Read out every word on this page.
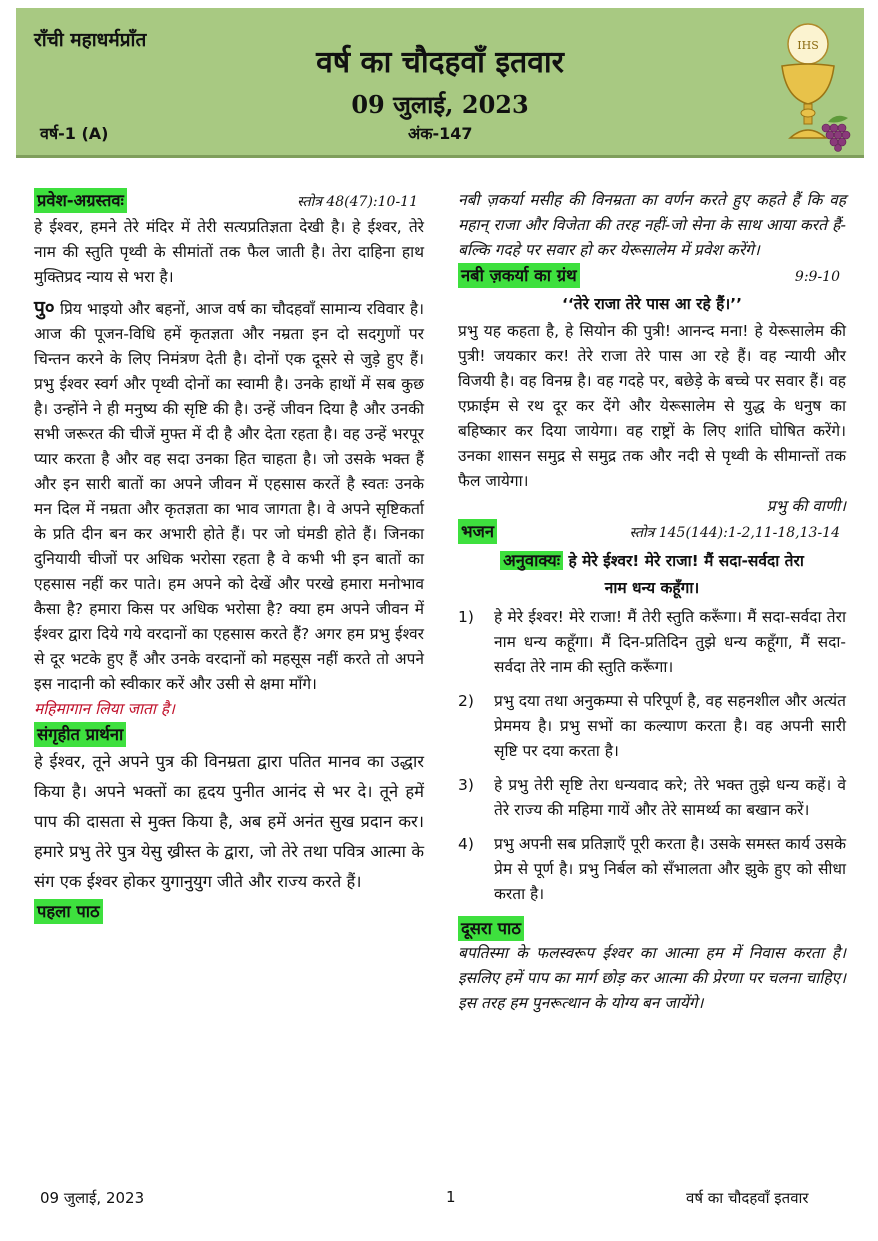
राँची महाधर्मप्राँत
वर्ष का चौदहवाँ इतवार
09 जुलाई, 2023
वर्ष-1 (A)	अंक-147
IHS
प्रवेश-अग्रस्तवः	स्तोत्र 48(47):10-11

हे ईश्वर, हमने तेरे मंदिर में तेरी सत्यप्रतिज्ञता देखी है। हे ईश्वर, तेरे नाम की स्तुति पृथ्वी के सीमांतों तक फैल जाती है। तेरा दाहिना हाथ मुक्तिप्रद न्याय से भरा है।

पु० प्रिय भाइयो और बहनों, आज वर्ष का चौदहवाँ सामान्य रविवार है। आज की पूजन-विधि हमें कृतज्ञता और नम्रता इन दो सदगुणों पर चिन्तन करने के लिए निमंत्रण देती है। दोनों एक दूसरे से जुड़े हुए हैं। प्रभु ईश्वर स्वर्ग और पृथ्वी दोनों का स्वामी है। उनके हाथों में सब कुछ है। उन्होंने ने ही मनुष्य की सृष्टि की है। उन्हें जीवन दिया है और उनकी सभी जरूरत की चीजें मुफ्त में दी है और देता रहता है। वह उन्हें भरपूर प्यार करता है और वह सदा उनका हित चाहता है। जो उसके भक्त हैं और इन सारी बातों का अपने जीवन में एहसास करतें है स्वतः उनके मन दिल में नम्रता और कृतज्ञता का भाव जागता है। वे अपने सृष्टिकर्ता के प्रति दीन बन कर अभारी होते हैं। पर जो घंमडी होते हैं। जिनका दुनियायी चीजों पर अधिक भरोसा रहता है वे कभी भी इन बातों का एहसास नहीं कर पाते। हम अपने को देखें और परखे हमारा मनोभाव कैसा है? हमारा किस पर अधिक भरोसा है? क्या हम अपने जीवन में ईश्वर द्वारा दिये गये वरदानों का एहसास करते हैं? अगर हम प्रभु ईश्वर से दूर भटके हुए हैं और उनके वरदानों को महसूस नहीं करते तो अपने इस नादानी को स्वीकार करें और उसी से क्षमा माँगे।

महिमागान लिया जाता है।

संगृहीत प्रार्थना

हे ईश्वर, तूने अपने पुत्र की विनम्रता द्वारा पतित मानव का उद्धार किया है। अपने भक्तों का हृदय पुनीत आनंद से भर दे। तूने हमें पाप की दासता से मुक्त किया है, अब हमें अनंत सुख प्रदान कर। हमारे प्रभु तेरे पुत्र येसु ख्रीस्त के द्वारा, जो तेरे तथा पवित्र आत्मा के संग एक ईश्वर होकर युगानुयुग जीते और राज्य करते हैं।

पहला पाठ

नबी ज़कर्या मसीह की विनम्रता का वर्णन करते हुए कहते हैं कि वह महान् राजा और विजेता की तरह नहीं-जो सेना के साथ आया करते हैं-बल्कि गदहे पर सवार हो कर येरूसालेम में प्रवेश करेंगे।

नबी ज़कर्या का ग्रंथ	9:9-10
‘‘तेरे राजा तेरे पास आ रहे हैं।’’

प्रभु यह कहता है, हे सियोन की पुत्री! आनन्द मना! हे येरूसालेम की पुत्री! जयकार कर! तेरे राजा तेरे पास आ रहे हैं। वह न्यायी और विजयी है। वह विनम्र है। वह गदहे पर, बछेड़े के बच्चे पर सवार हैं। वह एफ्राईम से रथ दूर कर देंगे और येरूसालेम से युद्ध के धनुष का बहिष्कार कर दिया जायेगा। वह राष्ट्रों के लिए शांति घोषित करेंगे। उनका शासन समुद्र से समुद्र तक और नदी से पृथ्वी के सीमान्तों तक फैल जायेगा।

प्रभु की वाणी।
भजन	स्तोत्र 145(144):1-2,11-18,13-14
अनुवाक्यः हे मेरे ईश्वर! मेरे राजा! मैं सदा-सर्वदा तेरा
नाम धन्य कहूँगा।
1)	हे मेरे ईश्वर! मेरे राजा! मैं तेरी स्तुति करूँगा। मैं सदा-सर्वदा तेरा नाम धन्य कहूँगा। मैं दिन-प्रतिदिन तुझे धन्य कहूँगा, मैं सदा-सर्वदा तेरे नाम की स्तुति करूँगा।
2)	प्रभु दया तथा अनुकम्पा से परिपूर्ण है, वह सहनशील और अत्यंत प्रेममय है। प्रभु सभों का कल्याण करता है। वह अपनी सारी सृष्टि पर दया करता है।
3)	हे प्रभु तेरी सृष्टि तेरा धन्यवाद करे; तेरे भक्त तुझे धन्य कहें। वे तेरे राज्य की महिमा गायें और तेरे सामर्थ्य का बखान करें।
4)	प्रभु अपनी सब प्रतिज्ञाएँ पूरी करता है। उसके समस्त कार्य उसके प्रेम से पूर्ण है। प्रभु निर्बल को सँभालता और झुके हुए को सीधा करता है।
दूसरा पाठ

बपतिस्मा के फलस्वरूप ईश्वर का आत्मा हम में निवास करता है। इसलिए हमें पाप का मार्ग छोड़ कर आत्मा की प्रेरणा पर चलना चाहिए। इस तरह हम पुनरूत्थान के योग्य बन जायेंगे।

09 जुलाई, 2023	1	वर्ष का चौदहवाँ इतवार
